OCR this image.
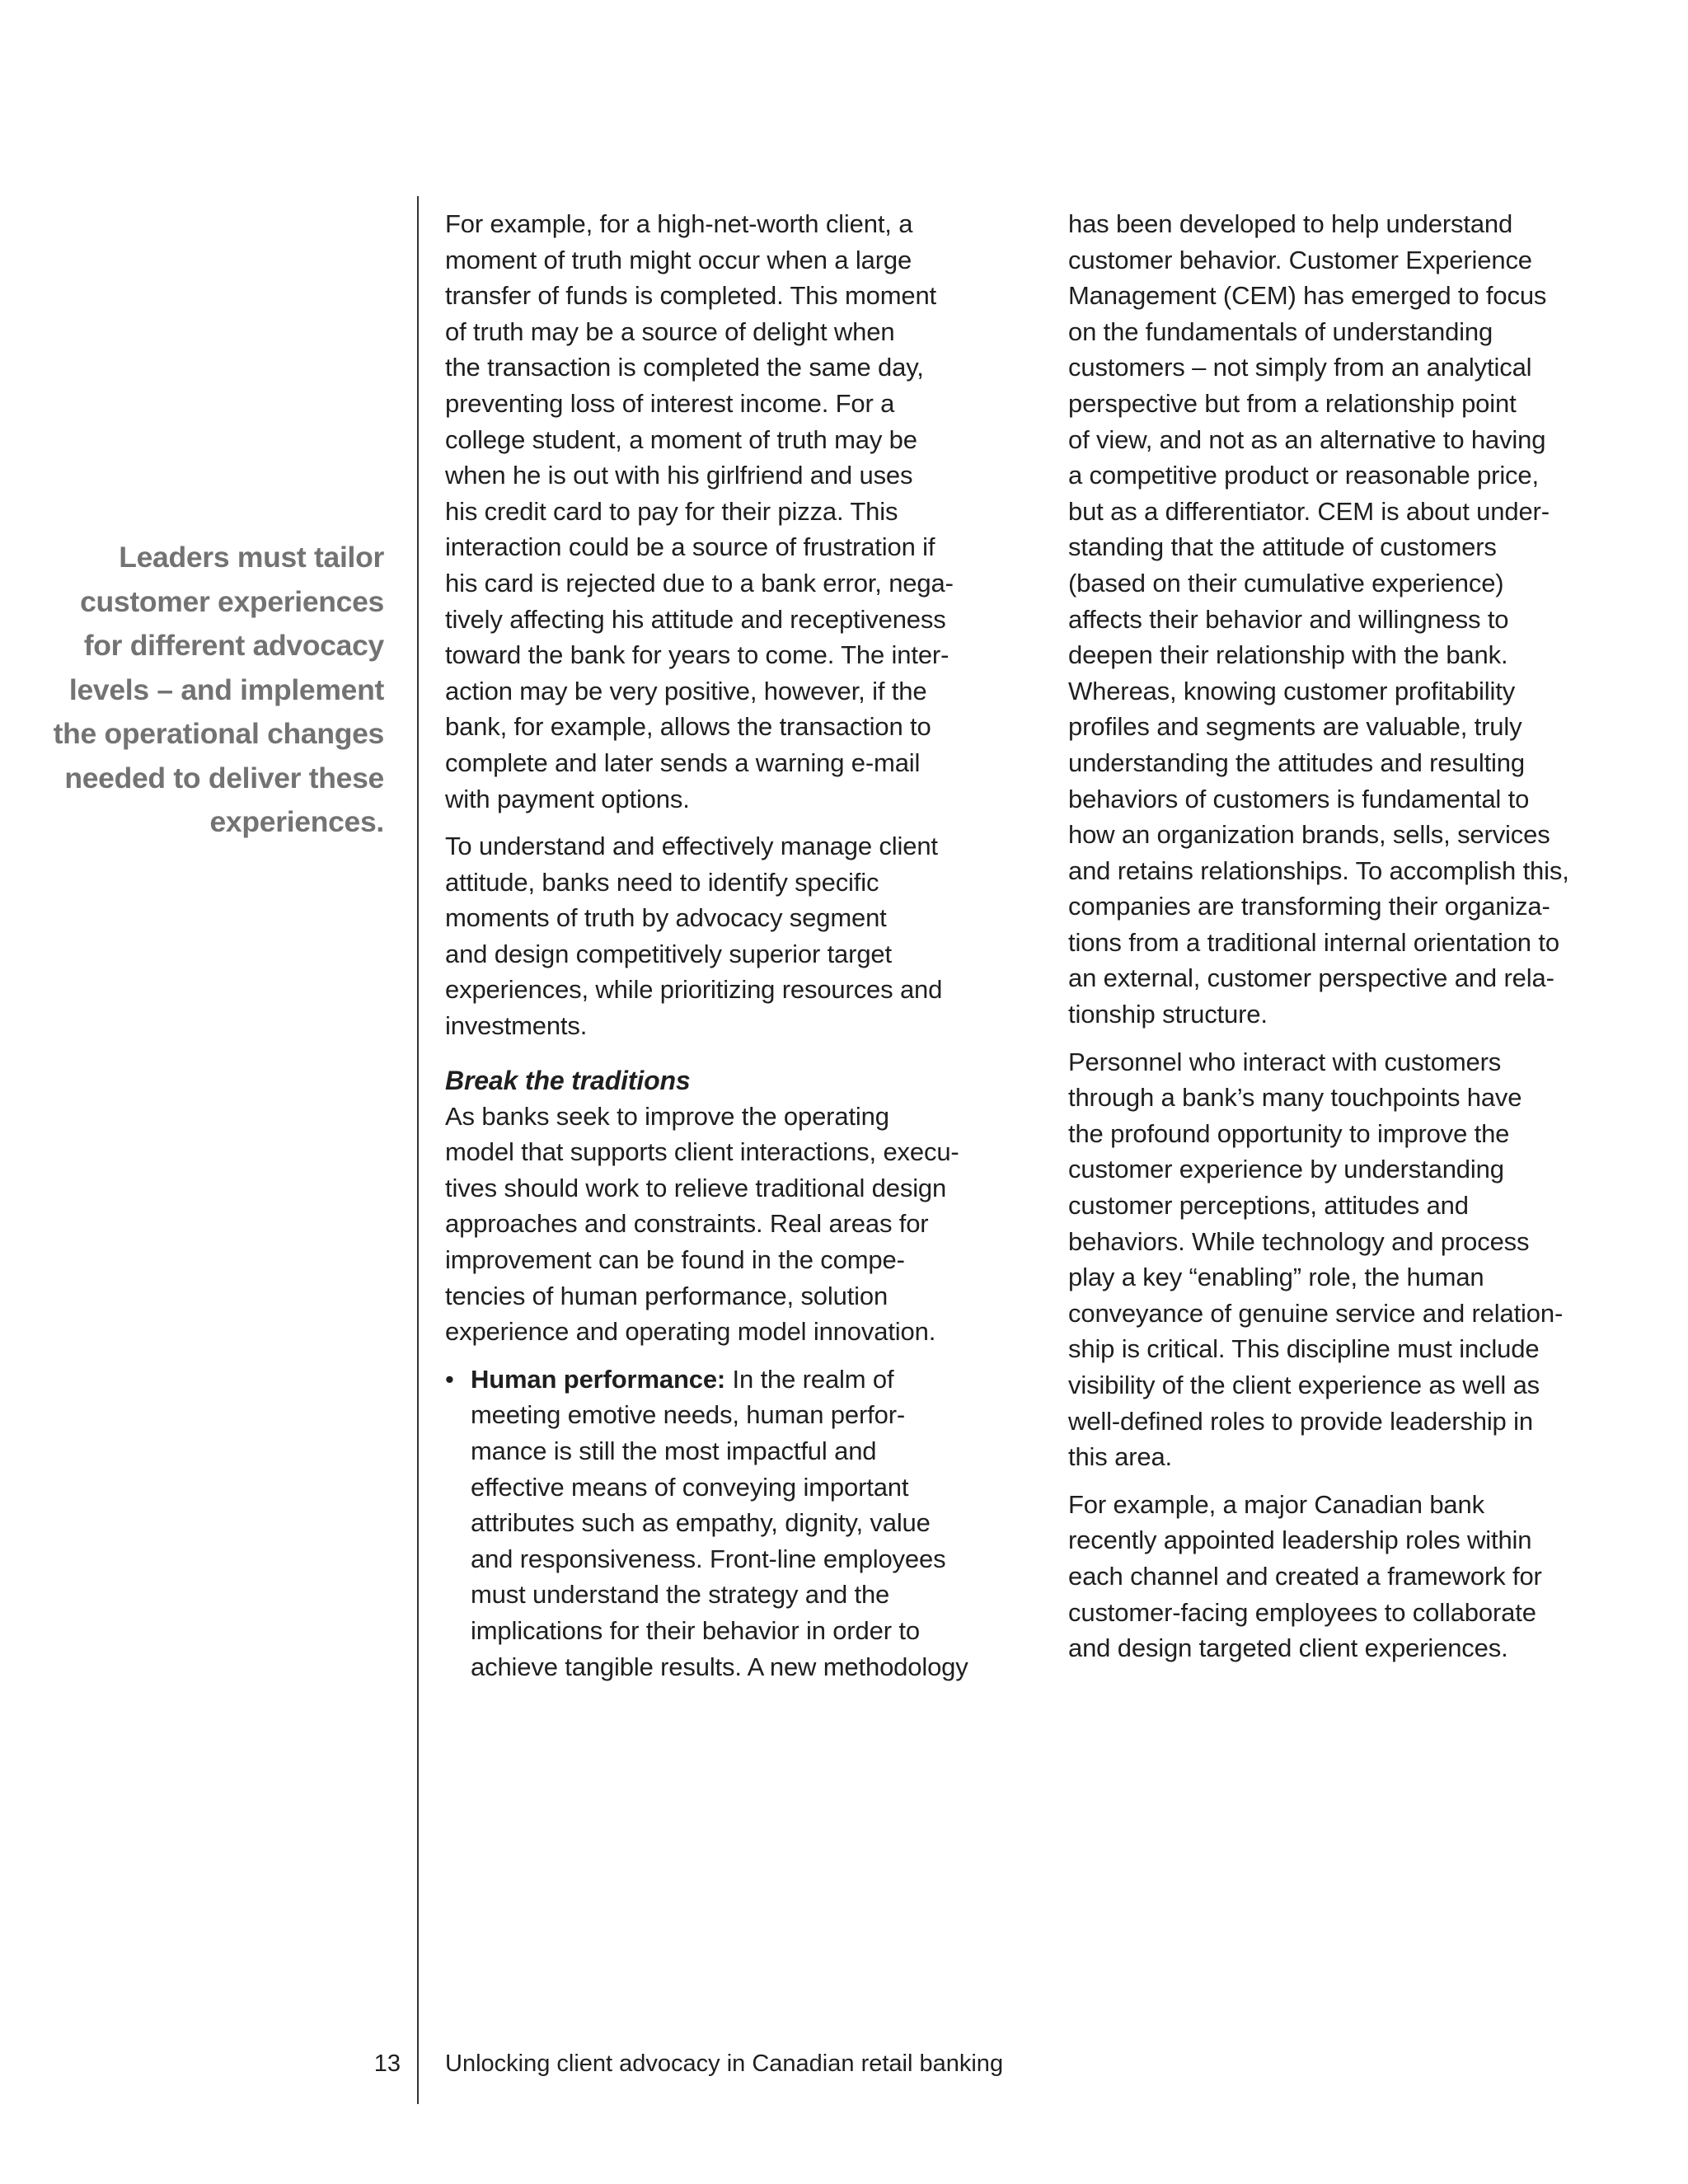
Leaders must tailor
customer experiences
for different advocacy
levels – and implement
the operational changes
needed to deliver these
experiences.

For example, for a high-net-worth client, a
moment of truth might occur when a large
transfer of funds is completed. This moment
of truth may be a source of delight when
the transaction is completed the same day,
preventing loss of interest income. For a
college student, a moment of truth may be
when he is out with his girlfriend and uses
his credit card to pay for their pizza. This
interaction could be a source of frustration if
his card is rejected due to a bank error, nega-
tively affecting his attitude and receptiveness
toward the bank for years to come. The inter-
action may be very positive, however, if the
bank, for example, allows the transaction to
complete and later sends a warning e-mail
with payment options.

To understand and effectively manage client
attitude, banks need to identify specific
moments of truth by advocacy segment
and design competitively superior target
experiences, while prioritizing resources and
investments.

Break the traditions

As banks seek to improve the operating
model that supports client interactions, execu-
tives should work to relieve traditional design
approaches and constraints. Real areas for
improvement can be found in the compe-
tencies of human performance, solution
experience and operating model innovation.

• Human performance: In the realm of
meeting emotive needs, human perfor-
mance is still the most impactful and
effective means of conveying important
attributes such as empathy, dignity, value
and responsiveness. Front-line employees
must understand the strategy and the
implications for their behavior in order to
achieve tangible results. A new methodology

has been developed to help understand
customer behavior. Customer Experience
Management (CEM) has emerged to focus
on the fundamentals of understanding
customers – not simply from an analytical
perspective but from a relationship point
of view, and not as an alternative to having
a competitive product or reasonable price,
but as a differentiator. CEM is about under-
standing that the attitude of customers
(based on their cumulative experience)
affects their behavior and willingness to
deepen their relationship with the bank.
Whereas, knowing customer profitability
profiles and segments are valuable, truly
understanding the attitudes and resulting
behaviors of customers is fundamental to
how an organization brands, sells, services
and retains relationships. To accomplish this,
companies are transforming their organiza-
tions from a traditional internal orientation to
an external, customer perspective and rela-
tionship structure.

Personnel who interact with customers
through a bank’s many touchpoints have
the profound opportunity to improve the
customer experience by understanding
customer perceptions, attitudes and
behaviors. While technology and process
play a key “enabling” role, the human
conveyance of genuine service and relation-
ship is critical. This discipline must include
visibility of the client experience as well as
well-defined roles to provide leadership in
this area.

For example, a major Canadian bank
recently appointed leadership roles within
each channel and created a framework for
customer-facing employees to collaborate
and design targeted client experiences.

13 Unlocking client advocacy in Canadian retail banking
